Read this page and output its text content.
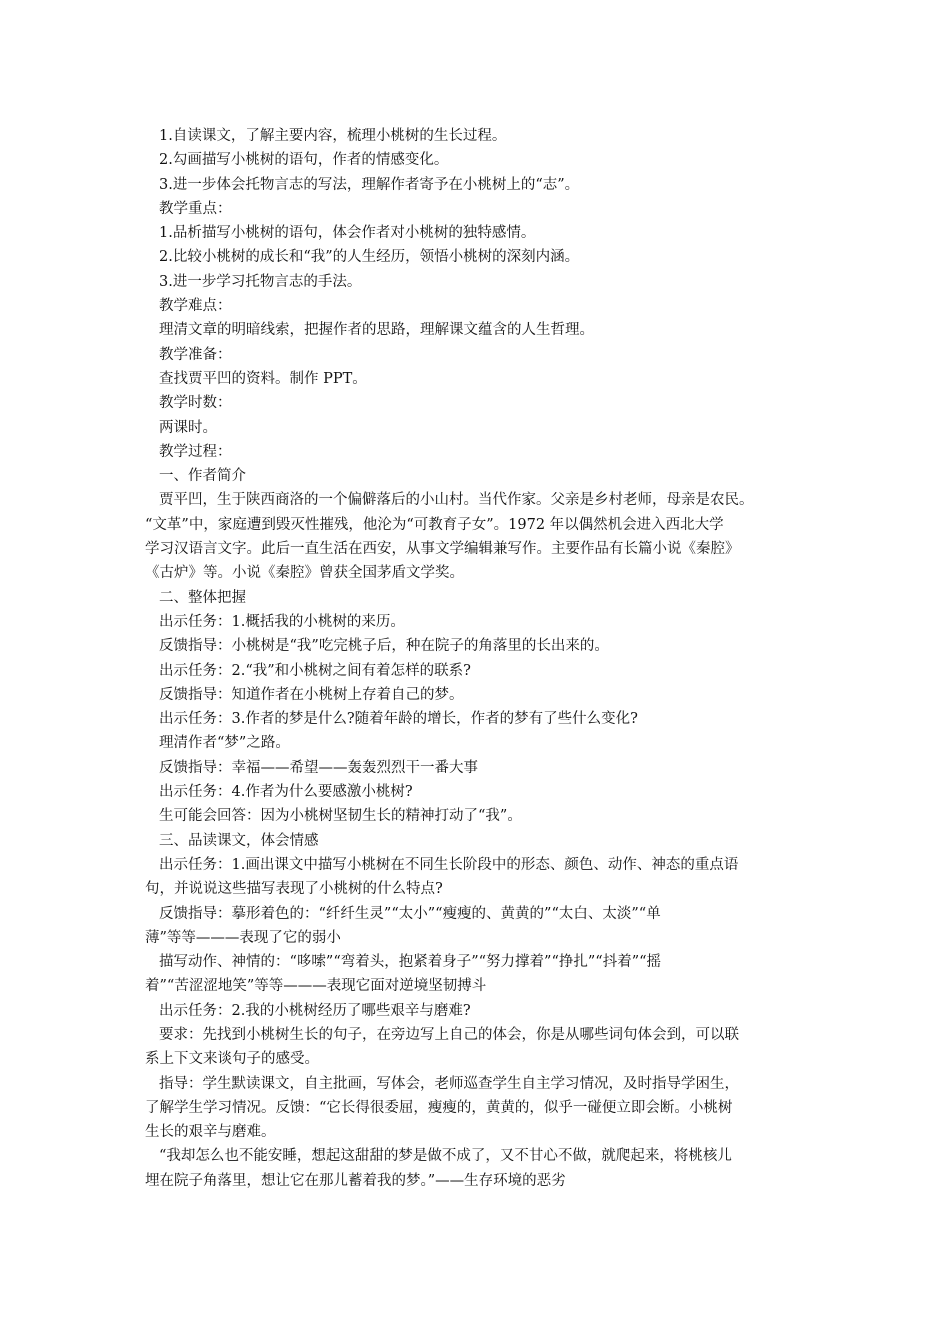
1.自读课文，了解主要内容，梳理小桃树的生长过程。
2.勾画描写小桃树的语句，作者的情感变化。
3.进一步体会托物言志的写法，理解作者寄予在小桃树上的“志”。
教学重点：
1.品析描写小桃树的语句，体会作者对小桃树的独特感情。
2.比较小桃树的成长和“我”的人生经历，领悟小桃树的深刻内涵。
3.进一步学习托物言志的手法。
教学难点：
理清文章的明暗线索，把握作者的思路，理解课文蕴含的人生哲理。
教学准备：
查找贾平凹的资料。制作 PPT。
教学时数：
两课时。
教学过程：
一、作者简介
贾平凹，生于陕西商洛的一个偏僻落后的小山村。当代作家。父亲是乡村老师，母亲是农民。
“文革”中，家庭遭到毁灭性摧残，他沦为“可教育子女”。1972 年以偶然机会进入西北大学
学习汉语言文字。此后一直生活在西安，从事文学编辑兼写作。主要作品有长篇小说《秦腔》
《古炉》等。小说《秦腔》曾获全国茅盾文学奖。
二、整体把握
出示任务：1.概括我的小桃树的来历。
反馈指导：小桃树是“我”吃完桃子后，种在院子的角落里的长出来的。
出示任务：2.“我”和小桃树之间有着怎样的联系?
反馈指导：知道作者在小桃树上存着自己的梦。
出示任务：3.作者的梦是什么?随着年龄的增长，作者的梦有了些什么变化?
理清作者“梦”之路。
反馈指导：幸福——希望——轰轰烈烈干一番大事
出示任务：4.作者为什么要感激小桃树?
生可能会回答：因为小桃树坚韧生长的精神打动了“我”。
三、品读课文，体会情感
出示任务：1.画出课文中描写小桃树在不同生长阶段中的形态、颜色、动作、神态的重点语
句，并说说这些描写表现了小桃树的什么特点?
反馈指导：摹形着色的：“纤纤生灵”“太小”“瘦瘦的、黄黄的”“太白、太淡”“单
薄”等等———表现了它的弱小
描写动作、神情的：“哆嗦”“弯着头，抱紧着身子”“努力撑着”“挣扎”“抖着”“摇
着”“苦涩涩地笑”等等———表现它面对逆境坚韧搏斗
出示任务：2.我的小桃树经历了哪些艰辛与磨难?
要求：先找到小桃树生长的句子，在旁边写上自己的体会，你是从哪些词句体会到，可以联
系上下文来谈句子的感受。
指导：学生默读课文，自主批画，写体会，老师巡查学生自主学习情况，及时指导学困生，
了解学生学习情况。反馈：“它长得很委屈，瘦瘦的，黄黄的，似乎一碰便立即会断。小桃树
生长的艰辛与磨难。
“我却怎么也不能安睡，想起这甜甜的梦是做不成了，又不甘心不做，就爬起来，将桃核儿
埋在院子角落里，想让它在那儿蓄着我的梦。”——生存环境的恶劣
